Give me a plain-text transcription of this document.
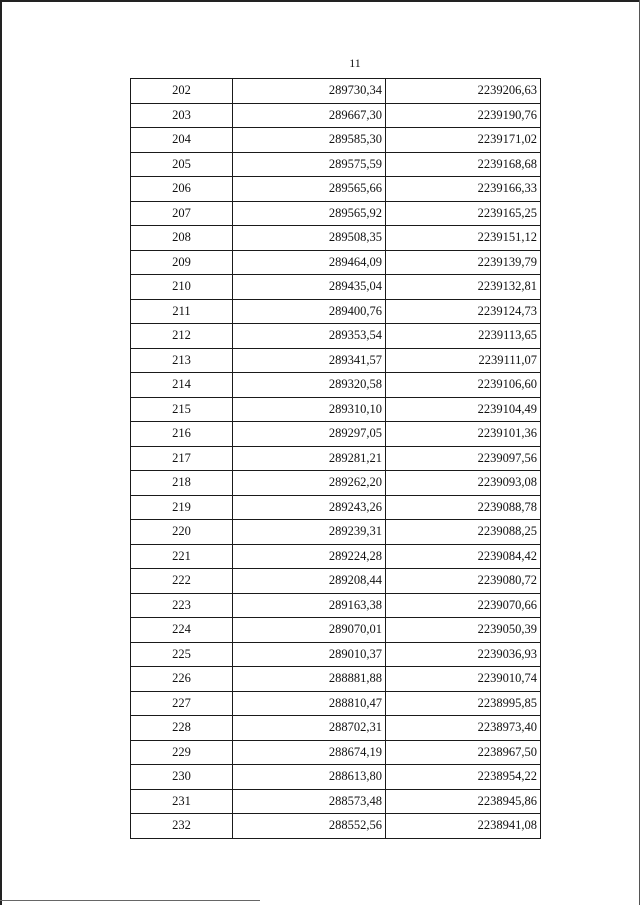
11
202	289730,34	2239206,63
203	289667,30	2239190,76
204	289585,30	2239171,02
205	289575,59	2239168,68
206	289565,66	2239166,33
207	289565,92	2239165,25
208	289508,35	2239151,12
209	289464,09	2239139,79
210	289435,04	2239132,81
211	289400,76	2239124,73
212	289353,54	2239113,65
213	289341,57	2239111,07
214	289320,58	2239106,60
215	289310,10	2239104,49
216	289297,05	2239101,36
217	289281,21	2239097,56
218	289262,20	2239093,08
219	289243,26	2239088,78
220	289239,31	2239088,25
221	289224,28	2239084,42
222	289208,44	2239080,72
223	289163,38	2239070,66
224	289070,01	2239050,39
225	289010,37	2239036,93
226	288881,88	2239010,74
227	288810,47	2238995,85
228	288702,31	2238973,40
229	288674,19	2238967,50
230	288613,80	2238954,22
231	288573,48	2238945,86
232	288552,56	2238941,08
